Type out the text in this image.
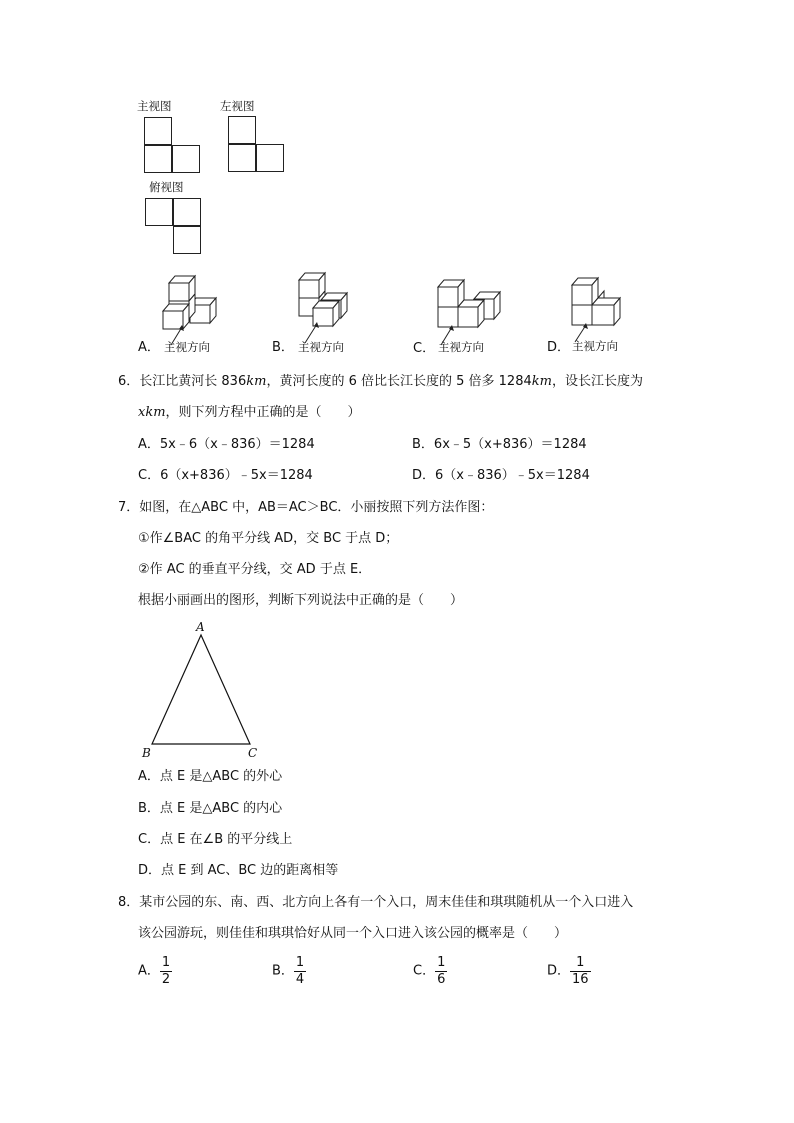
主视图	左视图
俯视图
A． 主视方向	B． 主视方向	C． 主视方向	D． 主视方向
6．长江比黄河长 836km，黄河长度的 6 倍比长江长度的 5 倍多 1284km，设长江长度为
xkm，则下列方程中正确的是（　　）
A．5x﹣6（x﹣836）＝1284	B．6x﹣5（x+836）＝1284
C．6（x+836）﹣5x＝1284	D．6（x﹣836）﹣5x＝1284
7．如图，在△ABC 中，AB＝AC＞BC．小丽按照下列方法作图：
①作∠BAC 的角平分线 AD，交 BC 于点 D；
②作 AC 的垂直平分线，交 AD 于点 E．
根据小丽画出的图形，判断下列说法中正确的是（　　）
A
B	C
A．点 E 是△ABC 的外心
B．点 E 是△ABC 的内心
C．点 E 在∠B 的平分线上
D．点 E 到 AC、BC 边的距离相等
8．某市公园的东、南、西、北方向上各有一个入口，周末佳佳和琪琪随机从一个入口进入
该公园游玩，则佳佳和琪琪恰好从同一个入口进入该公园的概率是（　　）
A． $\frac{1}{2}$	B． $\frac{1}{4}$	C． $\frac{1}{6}$	D． $\frac{1}{16}$
